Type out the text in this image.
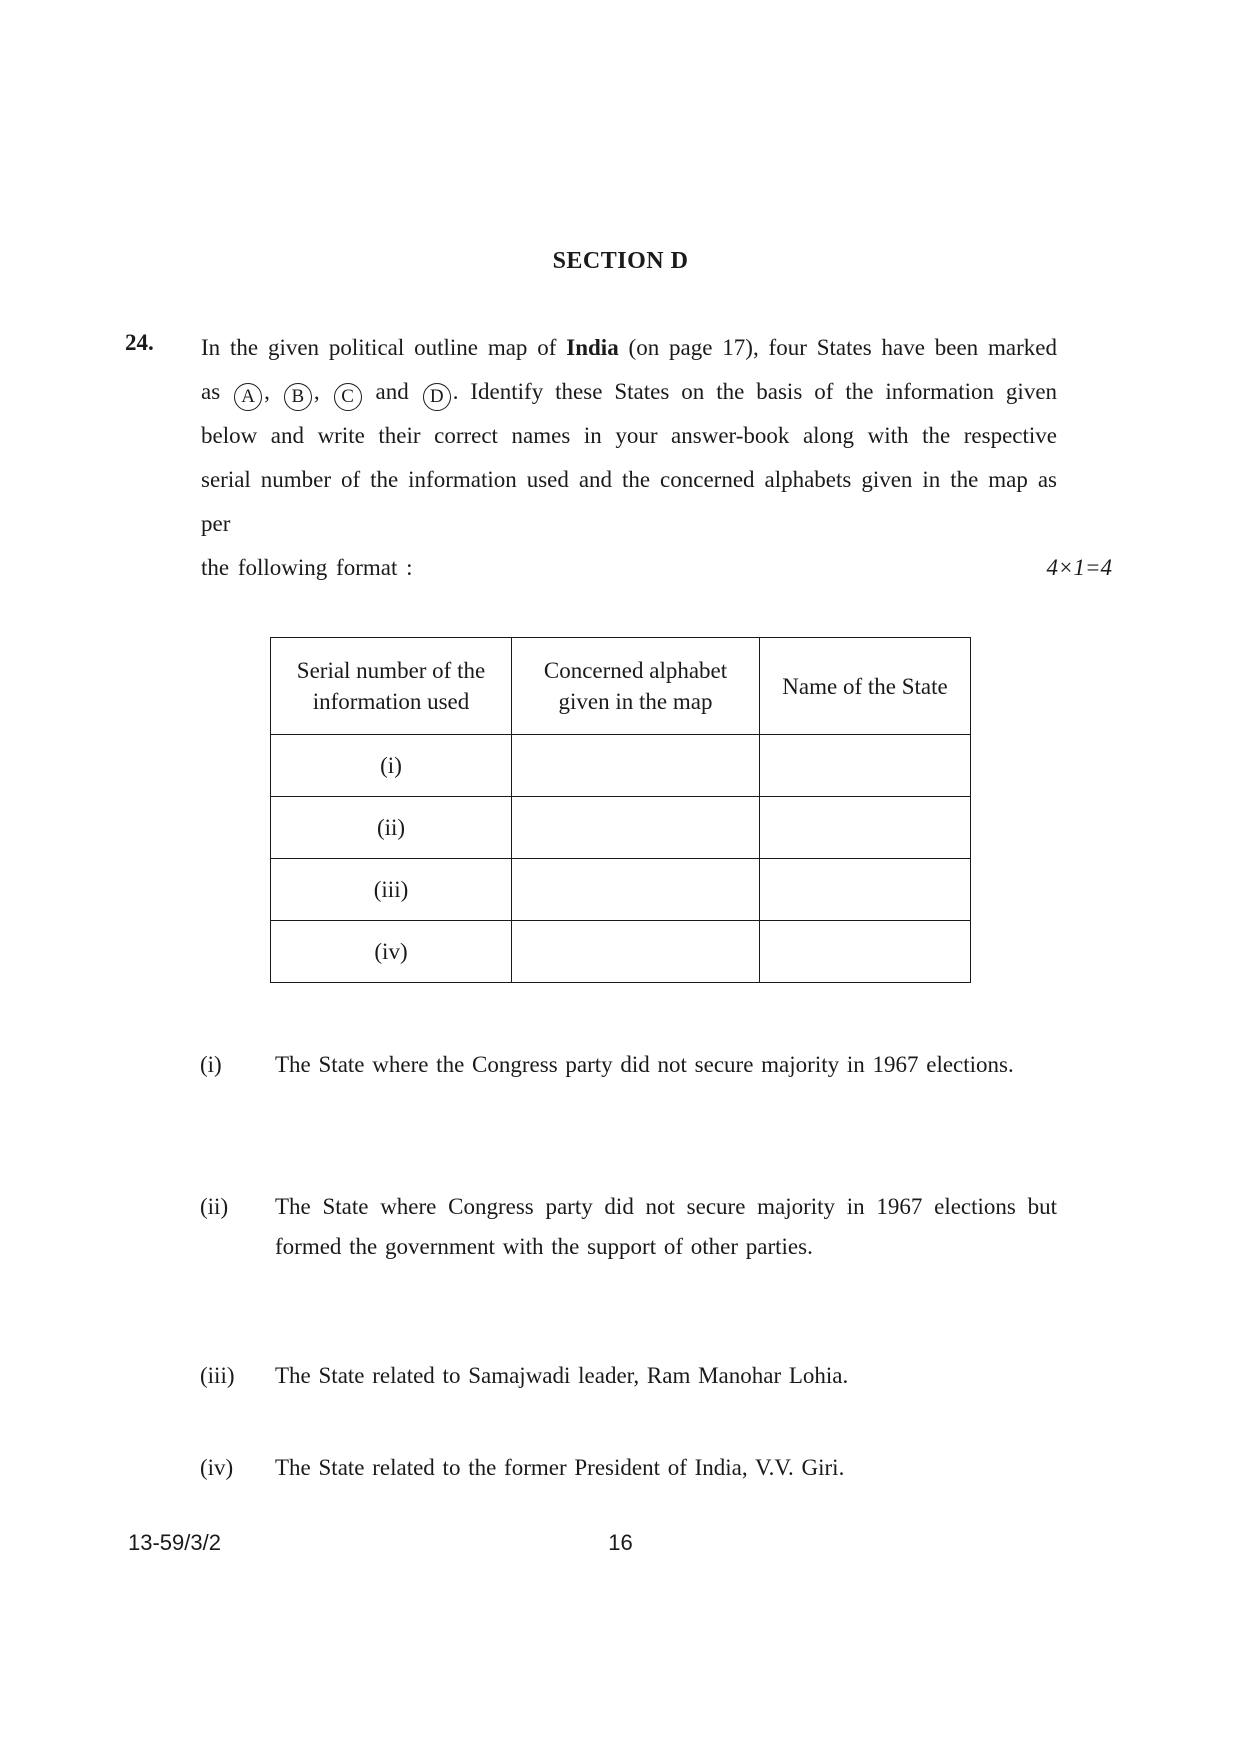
SECTION D
24. In the given political outline map of India (on page 17), four States have been marked as A , B , C and D . Identify these States on the basis of the information given below and write their correct names in your answer-book along with the respective serial number of the information used and the concerned alphabets given in the map as per
the following format :	4×1=4
Serial number of the information used	Concerned alphabet given in the map	Name of the State
(i)		
(ii)		
(iii)		
(iv)		
(i)	The State where the Congress party did not secure majority in 1967 elections.
(ii)	The State where Congress party did not secure majority in 1967 elections but formed the government with the support of other parties.
(iii)	The State related to Samajwadi leader, Ram Manohar Lohia.
(iv)	The State related to the former President of India, V.V. Giri.
13-59/3/2	16
